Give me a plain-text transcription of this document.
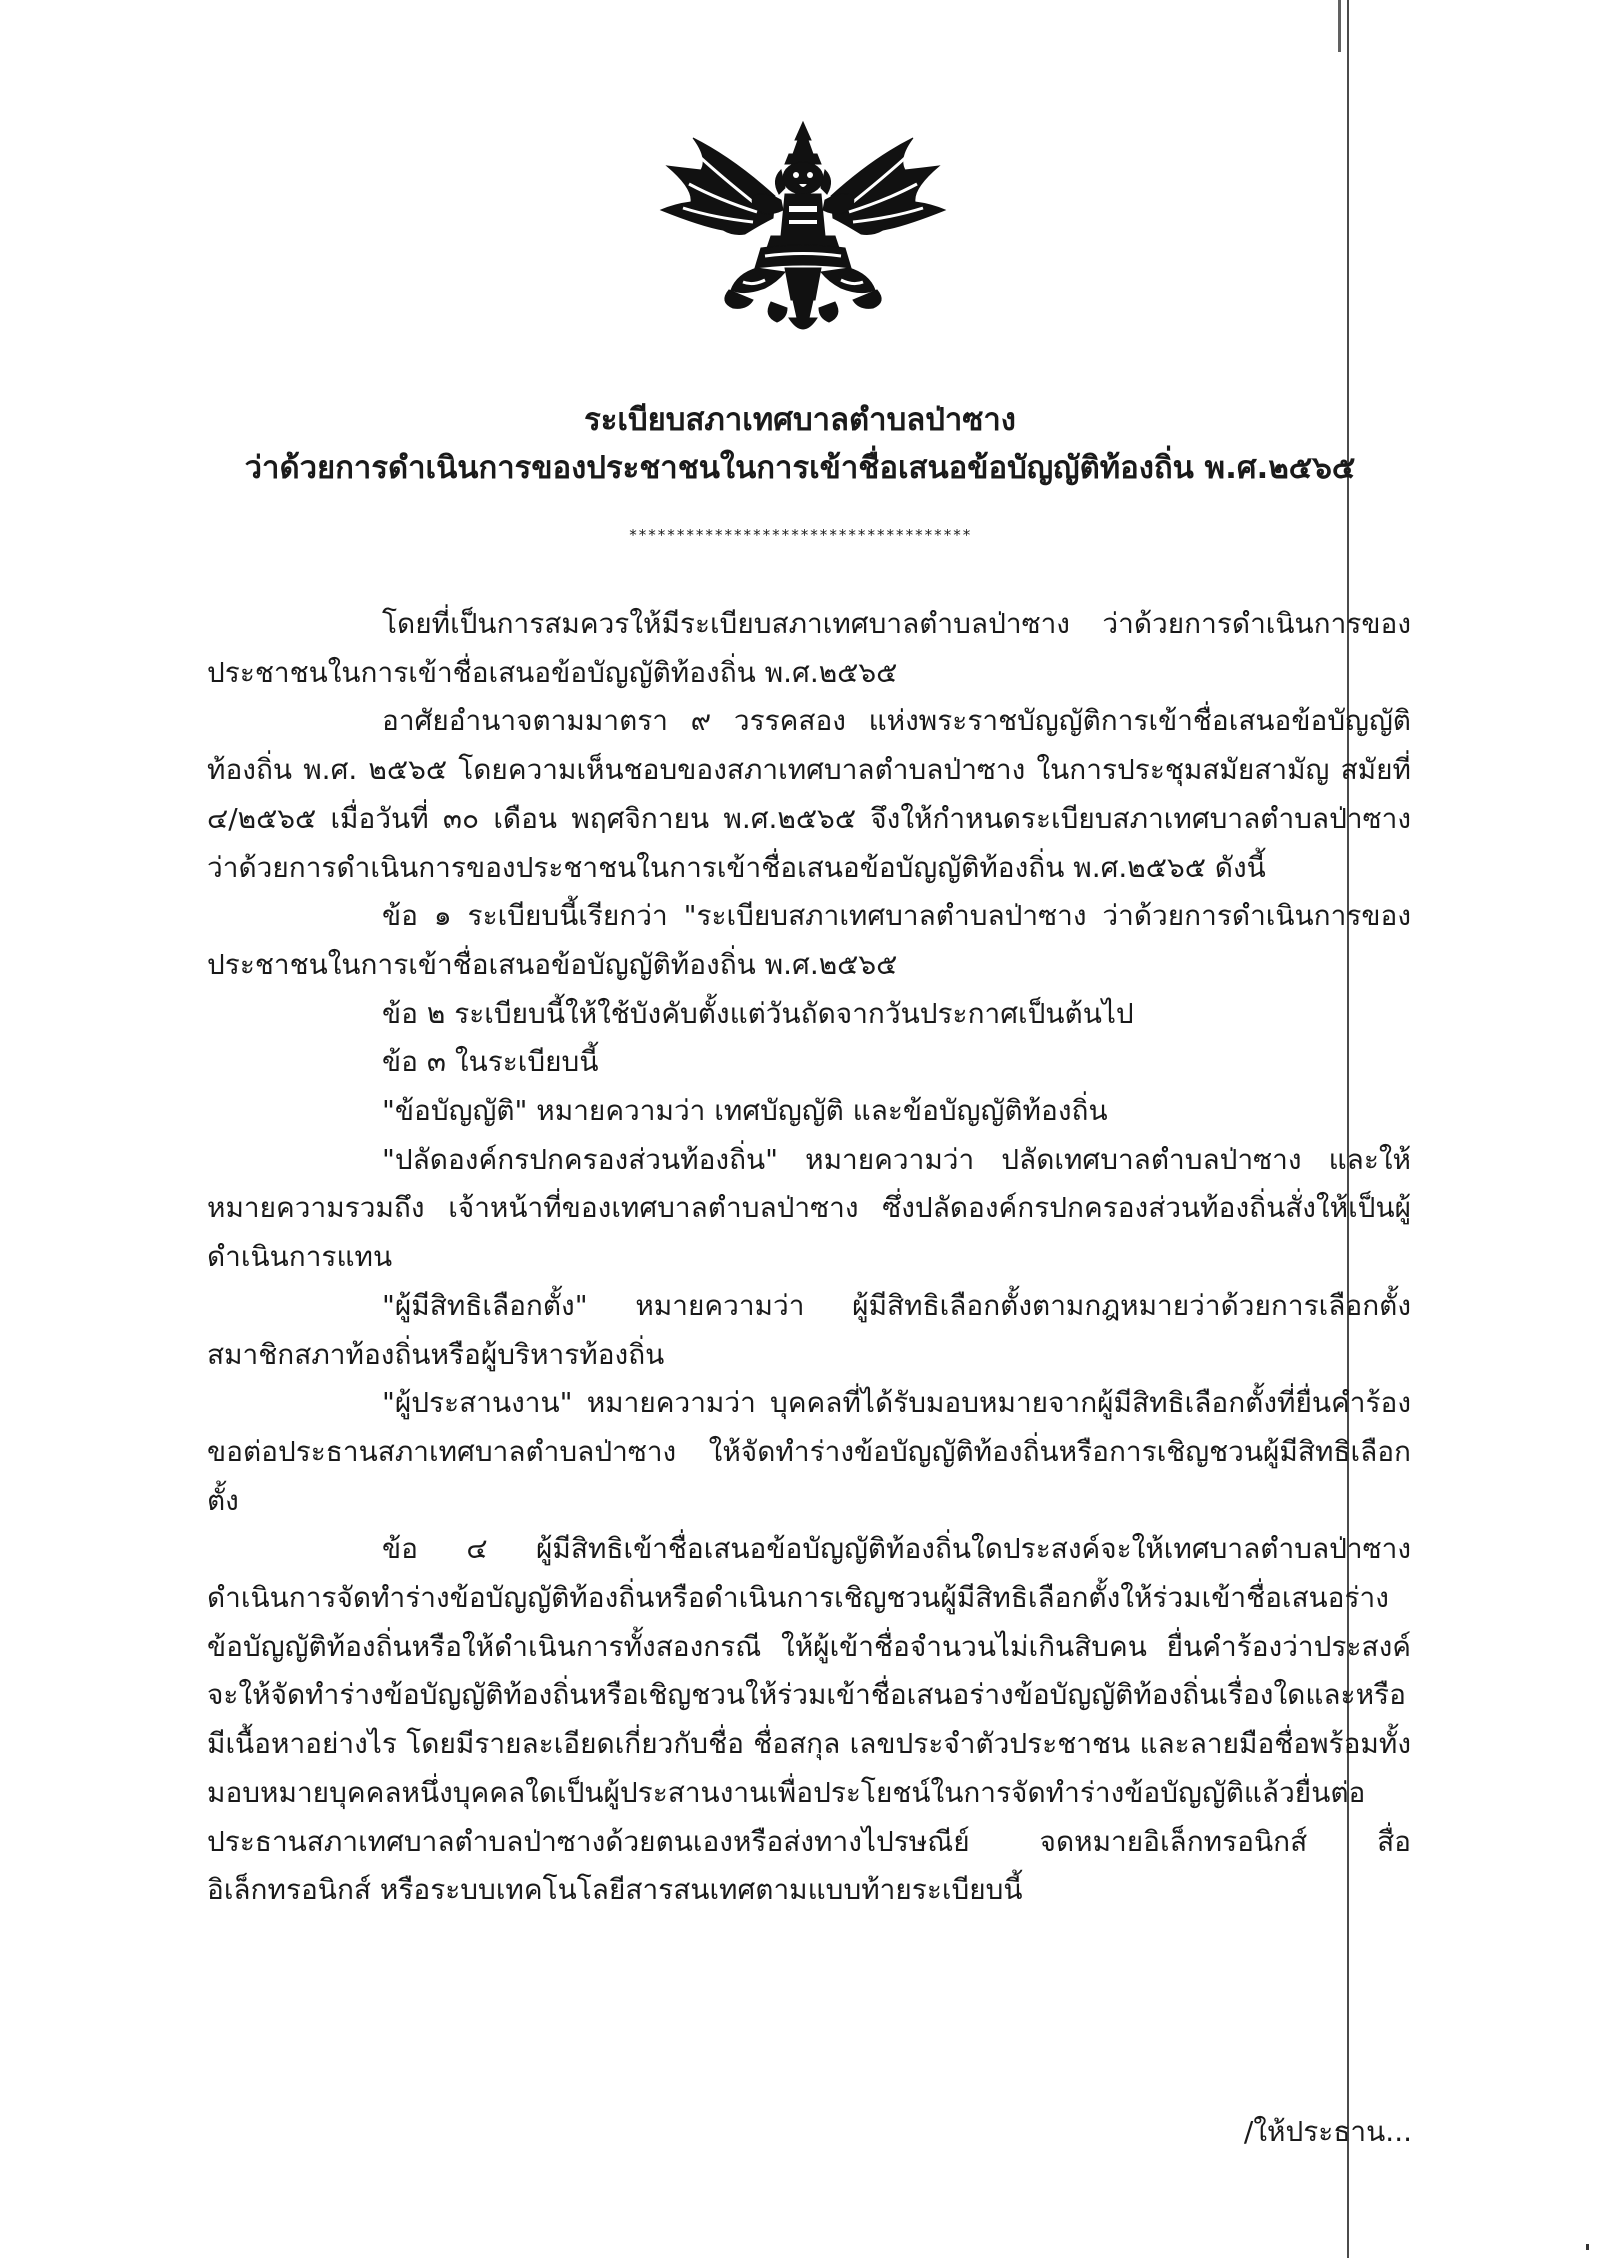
ระเบียบสภาเทศบาลตำบลป่าซาง
ว่าด้วยการดำเนินการของประชาชนในการเข้าชื่อเสนอข้อบัญญัติท้องถิ่น พ.ศ.๒๕๖๕
************************************

โดยที่เป็นการสมควรให้มีระเบียบสภาเทศบาลตำบลป่าซาง ว่าด้วยการดำเนินการของประชาชนในการเข้าชื่อเสนอข้อบัญญัติท้องถิ่น พ.ศ.๒๕๖๕

อาศัยอำนาจตามมาตรา ๙ วรรคสอง แห่งพระราชบัญญัติการเข้าชื่อเสนอข้อบัญญัติท้องถิ่น พ.ศ. ๒๕๖๕ โดยความเห็นชอบของสภาเทศบาลตำบลป่าซาง ในการประชุมสมัยสามัญ สมัยที่ ๔/๒๕๖๕ เมื่อวันที่ ๓๐ เดือน พฤศจิกายน พ.ศ.๒๕๖๕ จึงให้กำหนดระเบียบสภาเทศบาลตำบลป่าซาง ว่าด้วยการดำเนินการของประชาชนในการเข้าชื่อเสนอข้อบัญญัติท้องถิ่น พ.ศ.๒๕๖๕ ดังนี้

ข้อ ๑ ระเบียบนี้เรียกว่า "ระเบียบสภาเทศบาลตำบลป่าซาง ว่าด้วยการดำเนินการของประชาชนในการเข้าชื่อเสนอข้อบัญญัติท้องถิ่น พ.ศ.๒๕๖๕

ข้อ ๒ ระเบียบนี้ให้ใช้บังคับตั้งแต่วันถัดจากวันประกาศเป็นต้นไป

ข้อ ๓ ในระเบียบนี้

"ข้อบัญญัติ" หมายความว่า เทศบัญญัติ และข้อบัญญัติท้องถิ่น

"ปลัดองค์กรปกครองส่วนท้องถิ่น" หมายความว่า ปลัดเทศบาลตำบลป่าซาง และให้หมายความรวมถึง เจ้าหน้าที่ของเทศบาลตำบลป่าซาง ซึ่งปลัดองค์กรปกครองส่วนท้องถิ่นสั่งให้เป็นผู้ดำเนินการแทน

"ผู้มีสิทธิเลือกตั้ง" หมายความว่า ผู้มีสิทธิเลือกตั้งตามกฎหมายว่าด้วยการเลือกตั้งสมาชิกสภาท้องถิ่นหรือผู้บริหารท้องถิ่น

"ผู้ประสานงาน" หมายความว่า บุคคลที่ได้รับมอบหมายจากผู้มีสิทธิเลือกตั้งที่ยื่นคำร้องขอต่อประธานสภาเทศบาลตำบลป่าซาง ให้จัดทำร่างข้อบัญญัติท้องถิ่นหรือการเชิญชวนผู้มีสิทธิเลือกตั้ง

ข้อ ๔ ผู้มีสิทธิเข้าชื่อเสนอข้อบัญญัติท้องถิ่นใดประสงค์จะให้เทศบาลตำบลป่าซางดำเนินการจัดทำร่างข้อบัญญัติท้องถิ่นหรือดำเนินการเชิญชวนผู้มีสิทธิเลือกตั้งให้ร่วมเข้าชื่อเสนอร่างข้อบัญญัติท้องถิ่นหรือให้ดำเนินการทั้งสองกรณี ให้ผู้เข้าชื่อจำนวนไม่เกินสิบคน ยื่นคำร้องว่าประสงค์จะให้จัดทำร่างข้อบัญญัติท้องถิ่นหรือเชิญชวนให้ร่วมเข้าชื่อเสนอร่างข้อบัญญัติท้องถิ่นเรื่องใดและหรือมีเนื้อหาอย่างไร โดยมีรายละเอียดเกี่ยวกับชื่อ ชื่อสกุล เลขประจำตัวประชาชน และลายมือชื่อพร้อมทั้งมอบหมายบุคคลหนึ่งบุคคลใดเป็นผู้ประสานงานเพื่อประโยชน์ในการจัดทำร่างข้อบัญญัติแล้วยื่นต่อประธานสภาเทศบาลตำบลป่าซางด้วยตนเองหรือส่งทางไปรษณีย์ จดหมายอิเล็กทรอนิกส์ สื่ออิเล็กทรอนิกส์ หรือระบบเทคโนโลยีสารสนเทศตามแบบท้ายระเบียบนี้

/ให้ประธาน...
